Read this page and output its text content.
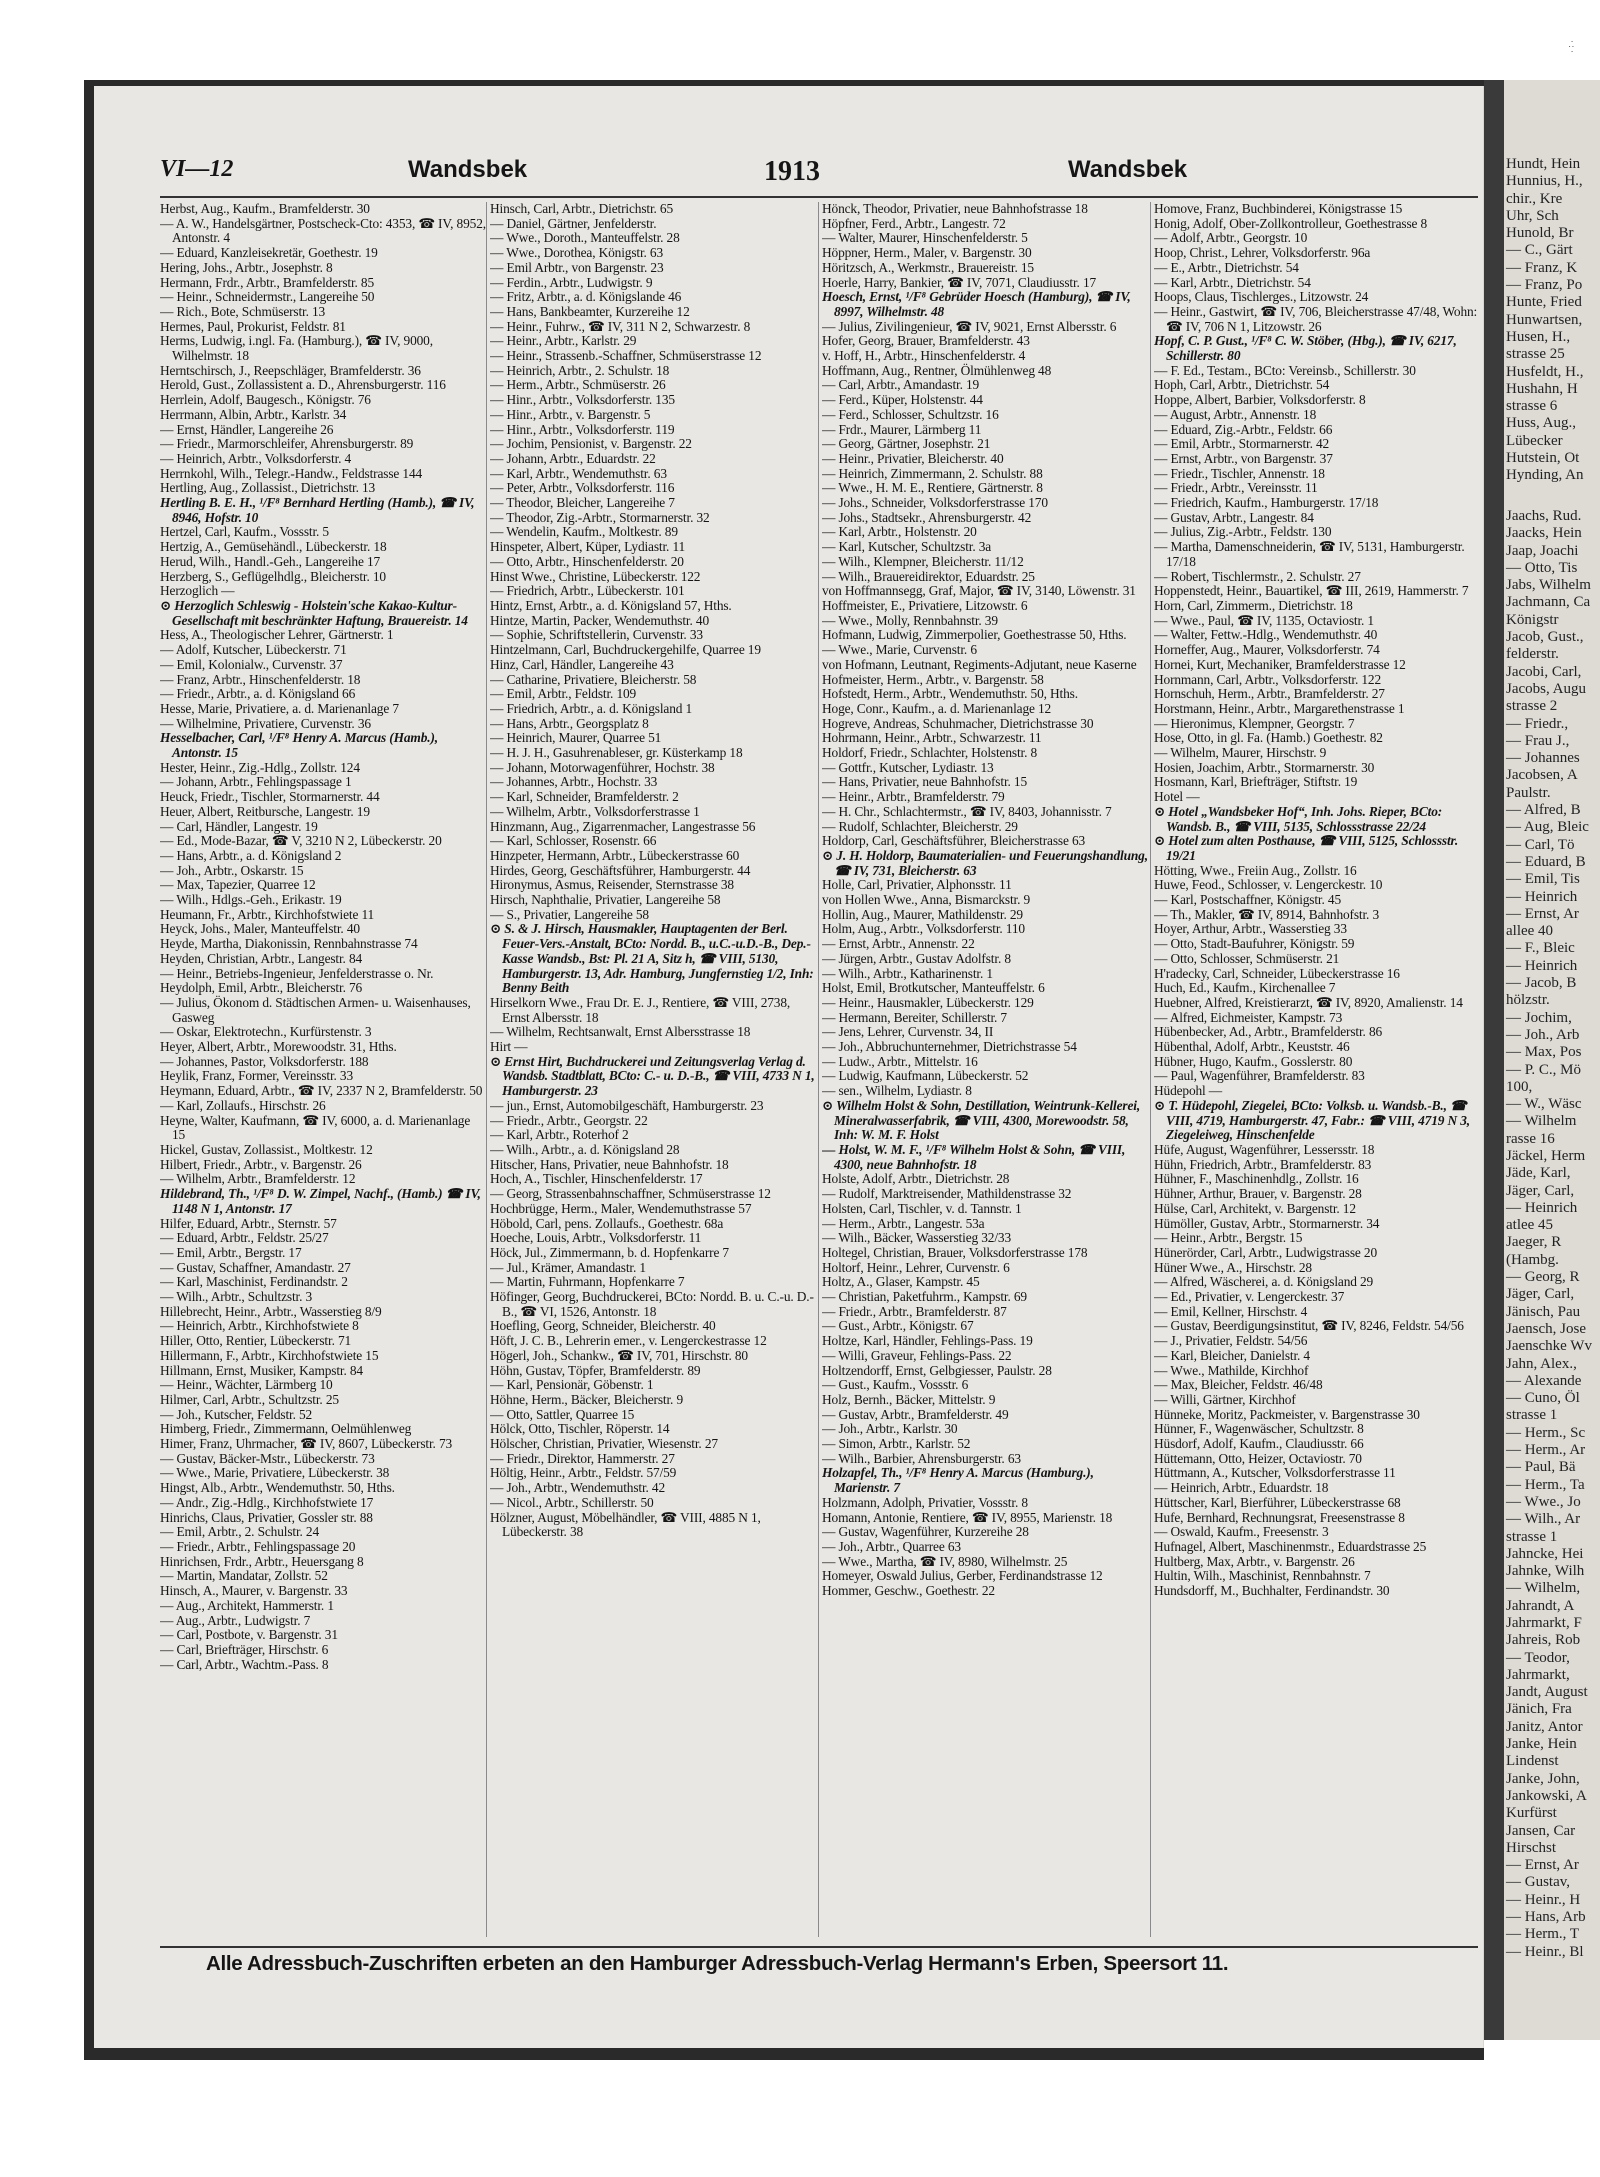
Hundt, Hein
Hunnius, H.,
chir., Kre
Uhr, Sch
Hunold, Br
— C., Gärt
— Franz, K
— Franz, Po
Hunte, Fried
Hunwartsen,
Husen, H.,
strasse 25
Husfeldt, H.,
Hushahn, H
strasse 6
Huss, Aug.,
Lübecker
Hutstein, Ot
Hynding, An
Jaachs, Rud.
Jaacks, Hein
Jaap, Joachi
— Otto, Tis
Jabs, Wilhelm
Jachmann, Ca
Königstr
Jacob, Gust.,
felderstr.
Jacobi, Carl,
Jacobs, Augu
strasse 2
— Friedr.,
— Frau J.,
— Johannes
Jacobsen, A
Paulstr.
— Alfred, B
— Aug, Bleic
— Carl, Tö
— Eduard, B
— Emil, Tis
— Heinrich
— Ernst, Ar
allee 40
— F., Bleic
— Heinrich
— Jacob, B
hölzstr.
— Jochim,
— Joh., Arb
— Max, Pos
— P. C., Mö
100,
— W., Wäsc
— Wilhelm
rasse 16
Jäckel, Herm
Jäde, Karl,
Jäger, Carl,
— Heinrich
atlee 45
Jaeger, R
(Hambg.
— Georg, R
Jäger, Carl,
Jänisch, Pau
Jaensch, Jose
Jaenschke Wv
Jahn, Alex.,
— Alexande
— Cuno, Öl
strasse 1
— Herm., Sc
— Herm., Ar
— Paul, Bä
— Herm., Ta
— Wwe., Jo
— Wilh., Ar
strasse 1
Jahncke, Hei
Jahnke, Wilh
— Wilhelm,
Jahrandt, A
Jahrmarkt, F
Jahreis, Rob
— Teodor,
Jahrmarkt,
Jandt, August
Jänich, Fra
Janitz, Antor
Janke, Hein
Lindenst
Janke, John,
Jankowski, A
Kurfürst
Jansen, Car
Hirschst
— Ernst, Ar
— Gustav,
— Heinr., H
— Hans, Arb
— Herm., T
— Heinr., Bl
· : ·
VI—12	Wandsbek	1913	Wandsbek

Herbst, Aug., Kaufm., Bramfelderstr. 30

— A. W., Handelsgärtner, Postscheck-Cto: 4353, ☎ IV, 8952, Antonstr. 4

— Eduard, Kanzleisekretär, Goethestr. 19

Hering, Johs., Arbtr., Josephstr. 8

Hermann, Frdr., Arbtr., Bramfelderstr. 85

— Heinr., Schneidermstr., Langereihe 50

— Rich., Bote, Schmüserstr. 13

Hermes, Paul, Prokurist, Feldstr. 81

Herms, Ludwig, i.ngl. Fa. (Hamburg.), ☎ IV, 9000, Wilhelmstr. 18

Herntschirsch, J., Reepschläger, Bramfelderstr. 36

Herold, Gust., Zollassistent a. D., Ahrensburgerstr. 116

Herrlein, Adolf, Baugesch., Königstr. 76

Herrmann, Albin, Arbtr., Karlstr. 34

— Ernst, Händler, Langereihe 26

— Friedr., Marmorschleifer, Ahrensburgerstr. 89

— Heinrich, Arbtr., Volksdorferstr. 4

Herrnkohl, Wilh., Telegr.-Handw., Feldstrasse 144

Hertling, Aug., Zollassist., Dietrichstr. 13

Hertling B. E. H., ¹/F⁸ Bernhard Hertling (Hamb.), ☎ IV, 8946, Hofstr. 10

Hertzel, Carl, Kaufm., Vossstr. 5

Hertzig, A., Gemüsehändl., Lübeckerstr. 18

Herud, Wilh., Handl.-Geh., Langereihe 17

Herzberg, S., Geflügelhdlg., Bleicherstr. 10

Herzoglich —

⊙ Herzoglich Schleswig - Holstein'sche Kakao-Kultur-Gesellschaft mit beschränkter Haftung, Brauereistr. 14

Hess, A., Theologischer Lehrer, Gärtnerstr. 1

— Adolf, Kutscher, Lübeckerstr. 71

— Emil, Kolonialw., Curvenstr. 37

— Franz, Arbtr., Hinschenfelderstr. 18

— Friedr., Arbtr., a. d. Königsland 66

Hesse, Marie, Privatiere, a. d. Marienanlage 7

— Wilhelmine, Privatiere, Curvenstr. 36

Hesselbacher, Carl, ¹/F⁸ Henry A. Marcus (Hamb.), Antonstr. 15

Hester, Heinr., Zig.-Hdlg., Zollstr. 124

— Johann, Arbtr., Fehlingspassage 1

Heuck, Friedr., Tischler, Stormarnerstr. 44

Heuer, Albert, Reitbursche, Langestr. 19

— Carl, Händler, Langestr. 19

— Ed., Mode-Bazar, ☎ V, 3210 N 2, Lübeckerstr. 20

— Hans, Arbtr., a. d. Königsland 2

— Joh., Arbtr., Oskarstr. 15

— Max, Tapezier, Quarree 12

— Wilh., Hdlgs.-Geh., Erikastr. 19

Heumann, Fr., Arbtr., Kirchhofstwiete 11

Heyck, Johs., Maler, Manteuffelstr. 40

Heyde, Martha, Diakonissin, Rennbahnstrasse 74

Heyden, Christian, Arbtr., Langestr. 84

— Heinr., Betriebs-Ingenieur, Jenfelderstrasse o. Nr.

Heydolph, Emil, Arbtr., Bleicherstr. 76

— Julius, Ökonom d. Städtischen Armen- u. Waisenhauses, Gasweg

— Oskar, Elektrotechn., Kurfürstenstr. 3

Heyer, Albert, Arbtr., Morewoodstr. 31, Hths.

— Johannes, Pastor, Volksdorferstr. 188

Heylik, Franz, Former, Vereinsstr. 33

Heymann, Eduard, Arbtr., ☎ IV, 2337 N 2, Bramfelderstr. 50

— Karl, Zollaufs., Hirschstr. 26

Heyne, Walter, Kaufmann, ☎ IV, 6000, a. d. Marienanlage 15

Hickel, Gustav, Zollassist., Moltkestr. 12

Hilbert, Friedr., Arbtr., v. Bargenstr. 26

— Wilhelm, Arbtr., Bramfelderstr. 12

Hildebrand, Th., ¹/F⁸ D. W. Zimpel, Nachf., (Hamb.) ☎ IV, 1148 N 1, Antonstr. 17

Hilfer, Eduard, Arbtr., Sternstr. 57

— Eduard, Arbtr., Feldstr. 25/27

— Emil, Arbtr., Bergstr. 17

— Gustav, Schaffner, Amandastr. 27

— Karl, Maschinist, Ferdinandstr. 2

— Wilh., Arbtr., Schultzstr. 3

Hillebrecht, Heinr., Arbtr., Wasserstieg 8/9

— Heinrich, Arbtr., Kirchhofstwiete 8

Hiller, Otto, Rentier, Lübeckerstr. 71

Hillermann, F., Arbtr., Kirchhofstwiete 15

Hillmann, Ernst, Musiker, Kampstr. 84

— Heinr., Wächter, Lärmberg 10

Hilmer, Carl, Arbtr., Schultzstr. 25

— Joh., Kutscher, Feldstr. 52

Himberg, Friedr., Zimmermann, Oelmühlenweg

Himer, Franz, Uhrmacher, ☎ IV, 8607, Lübeckerstr. 73

— Gustav, Bäcker-Mstr., Lübeckerstr. 73

— Wwe., Marie, Privatiere, Lübeckerstr. 38

Hingst, Alb., Arbtr., Wendemuthstr. 50, Hths.

— Andr., Zig.-Hdlg., Kirchhofstwiete 17

Hinrichs, Claus, Privatier, Gossler str. 88

— Emil, Arbtr., 2. Schulstr. 24

— Friedr., Arbtr., Fehlingspassage 20

Hinrichsen, Frdr., Arbtr., Heuersgang 8

— Martin, Mandatar, Zollstr. 52

Hinsch, A., Maurer, v. Bargenstr. 33

— Aug., Architekt, Hammerstr. 1

— Aug., Arbtr., Ludwigstr. 7

— Carl, Postbote, v. Bargenstr. 31

— Carl, Briefträger, Hirschstr. 6

— Carl, Arbtr., Wachtm.-Pass. 8

Hinsch, Carl, Arbtr., Dietrichstr. 65

— Daniel, Gärtner, Jenfelderstr.

— Wwe., Doroth., Manteuffelstr. 28

— Wwe., Dorothea, Königstr. 63

— Emil Arbtr., von Bargenstr. 23

— Ferdin., Arbtr., Ludwigstr. 9

— Fritz, Arbtr., a. d. Königslande 46

— Hans, Bankbeamter, Kurzereihe 12

— Heinr., Fuhrw., ☎ IV, 311 N 2, Schwarzestr. 8

— Heinr., Arbtr., Karlstr. 29

— Heinr., Strassenb.-Schaffner, Schmüserstrasse 12

— Heinrich, Arbtr., 2. Schulstr. 18

— Herm., Arbtr., Schmüserstr. 26

— Hinr., Arbtr., Volksdorferstr. 135

— Hinr., Arbtr., v. Bargenstr. 5

— Hinr., Arbtr., Volksdorferstr. 119

— Jochim, Pensionist, v. Bargenstr. 22

— Johann, Arbtr., Eduardstr. 22

— Karl, Arbtr., Wendemuthstr. 63

— Peter, Arbtr., Volksdorferstr. 116

— Theodor, Bleicher, Langereihe 7

— Theodor, Zig.-Arbtr., Stormarnerstr. 32

— Wendelin, Kaufm., Moltkestr. 89

Hinspeter, Albert, Küper, Lydiastr. 11

— Otto, Arbtr., Hinschenfelderstr. 20

Hinst Wwe., Christine, Lübeckerstr. 122

— Friedrich, Arbtr., Lübeckerstr. 101

Hintz, Ernst, Arbtr., a. d. Königsland 57, Hths.

Hintze, Martin, Packer, Wendemuthstr. 40

— Sophie, Schriftstellerin, Curvenstr. 33

Hintzelmann, Carl, Buchdruckergehilfe, Quarree 19

Hinz, Carl, Händler, Langereihe 43

— Catharine, Privatiere, Bleicherstr. 58

— Emil, Arbtr., Feldstr. 109

— Friedrich, Arbtr., a. d. Königsland 1

— Hans, Arbtr., Georgsplatz 8

— Heinrich, Maurer, Quarree 51

— H. J. H., Gasuhrenableser, gr. Küsterkamp 18

— Johann, Motorwagenführer, Hochstr. 38

— Johannes, Arbtr., Hochstr. 33

— Karl, Schneider, Bramfelderstr. 2

— Wilhelm, Arbtr., Volksdorferstrasse 1

Hinzmann, Aug., Zigarrenmacher, Langestrasse 56

— Karl, Schlosser, Rosenstr. 66

Hinzpeter, Hermann, Arbtr., Lübeckerstrasse 60

Hirdes, Georg, Geschäftsführer, Hamburgerstr. 44

Hironymus, Asmus, Reisender, Sternstrasse 38

Hirsch, Naphthalie, Privatier, Langereihe 58

— S., Privatier, Langereihe 58

⊙ S. & J. Hirsch, Hausmakler, Hauptagenten der Berl. Feuer-Vers.-Anstalt, BCto: Nordd. B., u.C.-u.D.-B., Dep.-Kasse Wandsb., Bst: Pl. 21 A, Sitz h, ☎ VIII, 5130, Hamburgerstr. 13, Adr. Hamburg, Jungfernstieg 1/2, Inh: Benny Beith

Hirselkorn Wwe., Frau Dr. E. J., Rentiere, ☎ VIII, 2738, Ernst Albersstr. 18

— Wilhelm, Rechtsanwalt, Ernst Albersstrasse 18

Hirt —

⊙ Ernst Hirt, Buchdruckerei und Zeitungsverlag Verlag d. Wandsb. Stadtblatt, BCto: C.- u. D.-B., ☎ VIII, 4733 N 1, Hamburgerstr. 23

— jun., Ernst, Automobilgeschäft, Hamburgerstr. 23

— Friedr., Arbtr., Georgstr. 22

— Karl, Arbtr., Roterhof 2

— Wilh., Arbtr., a. d. Königsland 28

Hitscher, Hans, Privatier, neue Bahnhofstr. 18

Hoch, A., Tischler, Hinschenfelderstr. 17

— Georg, Strassenbahnschaffner, Schmüserstrasse 12

Hochbrügge, Herm., Maler, Wendemuthstrasse 57

Höbold, Carl, pens. Zollaufs., Goethestr. 68a

Hoeche, Louis, Arbtr., Volksdorferstr. 11

Höck, Jul., Zimmermann, b. d. Hopfenkarre 7

— Jul., Krämer, Amandastr. 1

— Martin, Fuhrmann, Hopfenkarre 7

Höfinger, Georg, Buchdruckerei, BCto: Nordd. B. u. C.-u. D.-B., ☎ VI, 1526, Antonstr. 18

Hoefling, Georg, Schneider, Bleicherstr. 40

Höft, J. C. B., Lehrerin emer., v. Lengerckestrasse 12

Högerl, Joh., Schankw., ☎ IV, 701, Hirschstr. 80

Höhn, Gustav, Töpfer, Bramfelderstr. 89

— Karl, Pensionär, Göbenstr. 1

Höhne, Herm., Bäcker, Bleicherstr. 9

— Otto, Sattler, Quarree 15

Hölck, Otto, Tischler, Röperstr. 14

Hölscher, Christian, Privatier, Wiesenstr. 27

— Friedr., Direktor, Hammerstr. 27

Höltig, Heinr., Arbtr., Feldstr. 57/59

— Joh., Arbtr., Wendemuthstr. 42

— Nicol., Arbtr., Schillerstr. 50

Hölzner, August, Möbelhändler, ☎ VIII, 4885 N 1, Lübeckerstr. 38

Hönck, Theodor, Privatier, neue Bahnhofstrasse 18

Höpfner, Ferd., Arbtr., Langestr. 72

— Walter, Maurer, Hinschenfelderstr. 5

Höppner, Herm., Maler, v. Bargenstr. 30

Höritzsch, A., Werkmstr., Brauereistr. 15

Hoerle, Harry, Bankier, ☎ IV, 7071, Claudiusstr. 17

Hoesch, Ernst, ¹/F⁸ Gebrüder Hoesch (Hamburg), ☎ IV, 8997, Wilhelmstr. 48

— Julius, Zivilingenieur, ☎ IV, 9021, Ernst Albersstr. 6

Hofer, Georg, Brauer, Bramfelderstr. 43

v. Hoff, H., Arbtr., Hinschenfelderstr. 4

Hoffmann, Aug., Rentner, Ölmühlenweg 48

— Carl, Arbtr., Amandastr. 19

— Ferd., Küper, Holstenstr. 44

— Ferd., Schlosser, Schultzstr. 16

— Frdr., Maurer, Lärmberg 11

— Georg, Gärtner, Josephstr. 21

— Heinr., Privatier, Bleicherstr. 40

— Heinrich, Zimmermann, 2. Schulstr. 88

— Wwe., H. M. E., Rentiere, Gärtnerstr. 8

— Johs., Schneider, Volksdorferstrasse 170

— Johs., Stadtsekr., Ahrensburgerstr. 42

— Karl, Arbtr., Holstenstr. 20

— Karl, Kutscher, Schultzstr. 3a

— Wilh., Klempner, Bleicherstr. 11/12

— Wilh., Brauereidirektor, Eduardstr. 25

von Hoffmannsegg, Graf, Major, ☎ IV, 3140, Löwenstr. 31

Hoffmeister, E., Privatiere, Litzowstr. 6

— Wwe., Molly, Rennbahnstr. 39

Hofmann, Ludwig, Zimmerpolier, Goethestrasse 50, Hths.

— Wwe., Marie, Curvenstr. 6

von Hofmann, Leutnant, Regiments-Adjutant, neue Kaserne

Hofmeister, Herm., Arbtr., v. Bargenstr. 58

Hofstedt, Herm., Arbtr., Wendemuthstr. 50, Hths.

Hoge, Conr., Kaufm., a. d. Marienanlage 12

Hogreve, Andreas, Schuhmacher, Dietrichstrasse 30

Hohrmann, Heinr., Arbtr., Schwarzestr. 11

Holdorf, Friedr., Schlachter, Holstenstr. 8

— Gottfr., Kutscher, Lydiastr. 13

— Hans, Privatier, neue Bahnhofstr. 15

— Heinr., Arbtr., Bramfelderstr. 79

— H. Chr., Schlachtermstr., ☎ IV, 8403, Johannisstr. 7

— Rudolf, Schlachter, Bleicherstr. 29

Holdorp, Carl, Geschäftsführer, Bleicherstrasse 63

⊙ J. H. Holdorp, Baumaterialien- und Feuerungshandlung, ☎ IV, 731, Bleicherstr. 63

Holle, Carl, Privatier, Alphonsstr. 11

von Hollen Wwe., Anna, Bismarckstr. 9

Hollin, Aug., Maurer, Mathildenstr. 29

Holm, Aug., Arbtr., Volksdorferstr. 110

— Ernst, Arbtr., Annenstr. 22

— Jürgen, Arbtr., Gustav Adolfstr. 8

— Wilh., Arbtr., Katharinenstr. 1

Holst, Emil, Brotkutscher, Manteuffelstr. 6

— Heinr., Hausmakler, Lübeckerstr. 129

— Hermann, Bereiter, Schillerstr. 7

— Jens, Lehrer, Curvenstr. 34, II

— Joh., Abbruchunternehmer, Dietrichstrasse 54

— Ludw., Arbtr., Mittelstr. 16

— Ludwig, Kaufmann, Lübeckerstr. 52

— sen., Wilhelm, Lydiastr. 8

⊙ Wilhelm Holst & Sohn, Destillation, Weintrunk-Kellerei, Mineralwasserfabrik, ☎ VIII, 4300, Morewoodstr. 58, Inh: W. M. F. Holst

— Holst, W. M. F., ¹/F⁸ Wilhelm Holst & Sohn, ☎ VIII, 4300, neue Bahnhofstr. 18

Holste, Adolf, Arbtr., Dietrichstr. 28

— Rudolf, Marktreisender, Mathildenstrasse 32

Holsten, Carl, Tischler, v. d. Tannstr. 1

— Herm., Arbtr., Langestr. 53a

— Wilh., Bäcker, Wasserstieg 32/33

Holtegel, Christian, Brauer, Volksdorferstrasse 178

Holtorf, Heinr., Lehrer, Curvenstr. 6

Holtz, A., Glaser, Kampstr. 45

— Christian, Paketfuhrm., Kampstr. 69

— Friedr., Arbtr., Bramfelderstr. 87

— Gust., Arbtr., Königstr. 67

Holtze, Karl, Händler, Fehlings-Pass. 19

— Willi, Graveur, Fehlings-Pass. 22

Holtzendorff, Ernst, Gelbgiesser, Paulstr. 28

— Gust., Kaufm., Vossstr. 6

Holz, Bernh., Bäcker, Mittelstr. 9

— Gustav, Arbtr., Bramfelderstr. 49

— Joh., Arbtr., Karlstr. 30

— Simon, Arbtr., Karlstr. 52

— Wilh., Barbier, Ahrensburgerstr. 63

Holzapfel, Th., ¹/F⁸ Henry A. Marcus (Hamburg.), Marienstr. 7

Holzmann, Adolph, Privatier, Vossstr. 8

Homann, Antonie, Rentiere, ☎ IV, 8955, Marienstr. 18

— Gustav, Wagenführer, Kurzereihe 28

— Joh., Arbtr., Quarree 63

— Wwe., Martha, ☎ IV, 8980, Wilhelmstr. 25

Homeyer, Oswald Julius, Gerber, Ferdinandstrasse 12

Hommer, Geschw., Goethestr. 22

Homove, Franz, Buchbinderei, Königstrasse 15

Honig, Adolf, Ober-Zollkontrolleur, Goethestrasse 8

— Adolf, Arbtr., Georgstr. 10

Hoop, Christ., Lehrer, Volksdorferstr. 96a

— E., Arbtr., Dietrichstr. 54

— Karl, Arbtr., Dietrichstr. 54

Hoops, Claus, Tischlerges., Litzowstr. 24

— Heinr., Gastwirt, ☎ IV, 706, Bleicherstrasse 47/48, Wohn: ☎ IV, 706 N 1, Litzowstr. 26

Hopf, C. P. Gust., ¹/F⁸ C. W. Stöber, (Hbg.), ☎ IV, 6217, Schillerstr. 80

— F. Ed., Testam., BCto: Vereinsb., Schillerstr. 30

Hoph, Carl, Arbtr., Dietrichstr. 54

Hoppe, Albert, Barbier, Volksdorferstr. 8

— August, Arbtr., Annenstr. 18

— Eduard, Zig.-Arbtr., Feldstr. 66

— Emil, Arbtr., Stormarnerstr. 42

— Ernst, Arbtr., von Bargenstr. 37

— Friedr., Tischler, Annenstr. 18

— Friedr., Arbtr., Vereinsstr. 11

— Friedrich, Kaufm., Hamburgerstr. 17/18

— Gustav, Arbtr., Langestr. 84

— Julius, Zig.-Arbtr., Feldstr. 130

— Martha, Damenschneiderin, ☎ IV, 5131, Hamburgerstr. 17/18

— Robert, Tischlermstr., 2. Schulstr. 27

Hoppenstedt, Heinr., Bauartikel, ☎ III, 2619, Hammerstr. 7

Horn, Carl, Zimmerm., Dietrichstr. 18

— Wwe., Paul, ☎ IV, 1135, Octaviostr. 1

— Walter, Fettw.-Hdlg., Wendemuthstr. 40

Horneffer, Aug., Maurer, Volksdorferstr. 74

Hornei, Kurt, Mechaniker, Bramfelderstrasse 12

Hornmann, Carl, Arbtr., Volksdorferstr. 122

Hornschuh, Herm., Arbtr., Bramfelderstr. 27

Horstmann, Heinr., Arbtr., Margarethenstrasse 1

— Hieronimus, Klempner, Georgstr. 7

Hose, Otto, in gl. Fa. (Hamb.) Goethestr. 82

— Wilhelm, Maurer, Hirschstr. 9

Hosien, Joachim, Arbtr., Stormarnerstr. 30

Hosmann, Karl, Briefträger, Stiftstr. 19

Hotel —

⊙ Hotel „Wandsbeker Hof“, Inh. Johs. Rieper, BCto: Wandsb. B., ☎ VIII, 5135, Schlossstrasse 22/24

⊙ Hotel zum alten Posthause, ☎ VIII, 5125, Schlossstr. 19/21

Hötting, Wwe., Freiin Aug., Zollstr. 16

Huwe, Feod., Schlosser, v. Lengerckestr. 10

— Karl, Postschaffner, Königstr. 45

— Th., Makler, ☎ IV, 8914, Bahnhofstr. 3

Hoyer, Arthur, Arbtr., Wasserstieg 33

— Otto, Stadt-Baufuhrer, Königstr. 59

— Otto, Schlosser, Schmüserstr. 21

H'radecky, Carl, Schneider, Lübeckerstrasse 16

Huch, Ed., Kaufm., Kirchenallee 7

Huebner, Alfred, Kreistierarzt, ☎ IV, 8920, Amalienstr. 14

— Alfred, Eichmeister, Kampstr. 73

Hübenbecker, Ad., Arbtr., Bramfelderstr. 86

Hübenthal, Adolf, Arbtr., Keuststr. 46

Hübner, Hugo, Kaufm., Gosslerstr. 80

— Paul, Wagenführer, Bramfelderstr. 83

Hüdepohl —

⊙ T. Hüdepohl, Ziegelei, BCto: Volksb. u. Wandsb.-B., ☎ VIII, 4719, Hamburgerstr. 47, Fabr.: ☎ VIII, 4719 N 3, Ziegeleiweg, Hinschenfelde

Hüfe, August, Wagenführer, Lessersstr. 18

Hühn, Friedrich, Arbtr., Bramfelderstr. 83

Hühner, F., Maschinenhdlg., Zollstr. 16

Hühner, Arthur, Brauer, v. Bargenstr. 28

Hülse, Carl, Architekt, v. Bargenstr. 12

Hümöller, Gustav, Arbtr., Stormarnerstr. 34

— Heinr., Arbtr., Bergstr. 15

Hünerörder, Carl, Arbtr., Ludwigstrasse 20

Hüner Wwe., A., Hirschstr. 28

— Alfred, Wäscherei, a. d. Königsland 29

— Ed., Privatier, v. Lengerckestr. 37

— Emil, Kellner, Hirschstr. 4

— Gustav, Beerdigungsinstitut, ☎ IV, 8246, Feldstr. 54/56

— J., Privatier, Feldstr. 54/56

— Karl, Bleicher, Danielstr. 4

— Wwe., Mathilde, Kirchhof

— Max, Bleicher, Feldstr. 46/48

— Willi, Gärtner, Kirchhof

Hünneke, Moritz, Packmeister, v. Bargenstrasse 30

Hünner, F., Wagenwäscher, Schultzstr. 8

Hüsdorf, Adolf, Kaufm., Claudiusstr. 66

Hüttemann, Otto, Heizer, Octaviostr. 70

Hüttmann, A., Kutscher, Volksdorferstrasse 11

— Heinrich, Arbtr., Eduardstr. 18

Hüttscher, Karl, Bierführer, Lübeckerstrasse 68

Hufe, Bernhard, Rechnungsrat, Freesenstrasse 8

— Oswald, Kaufm., Freesenstr. 3

Hufnagel, Albert, Maschinenmstr., Eduardstrasse 25

Hultberg, Max, Arbtr., v. Bargenstr. 26

Hultin, Wilh., Maschinist, Rennbahnstr. 7

Hundsdorff, M., Buchhalter, Ferdinandstr. 30

Alle Adressbuch-Zuschriften erbeten an den Hamburger Adressbuch-Verlag Hermann's Erben, Speersort 11.
